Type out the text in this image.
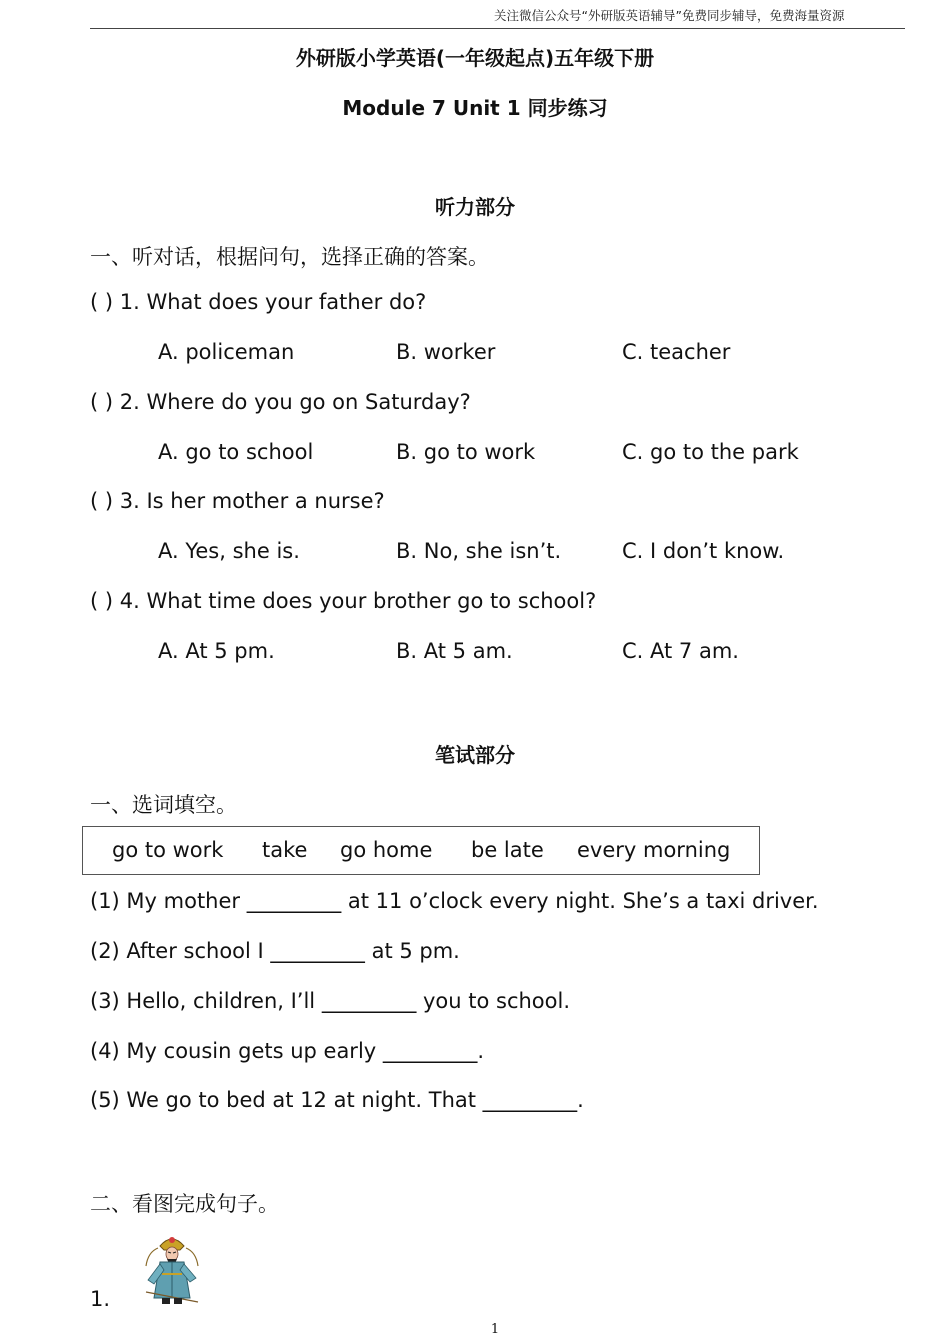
关注微信公众号“外研版英语辅导”免费同步辅导，免费海量资源
外研版小学英语(一年级起点)五年级下册
Module 7 Unit 1 同步练习
听力部分
一、听对话，根据问句，选择正确的答案。
( ) 1. What does your father do?
A. policeman	B. worker	C. teacher
( ) 2. Where do you go on Saturday?
A. go to school	B. go to work	C. go to the park
( ) 3. Is her mother a nurse?
A. Yes, she is.	B. No, she isn’t.	C. I don’t know.
( ) 4. What time does your brother go to school?
A. At 5 pm.	B. At 5 am.	C. At 7 am.
笔试部分
一、选词填空。
go to work take go home be late every morning
(1) My mother _________ at 11 o’clock every night. She’s a taxi driver.
(2) After school I _________ at 5 pm.
(3) Hello, children, I’ll _________ you to school.
(4) My cousin gets up early _________.
(5) We go to bed at 12 at night. That _________.
二、看图完成句子。
1.
1
